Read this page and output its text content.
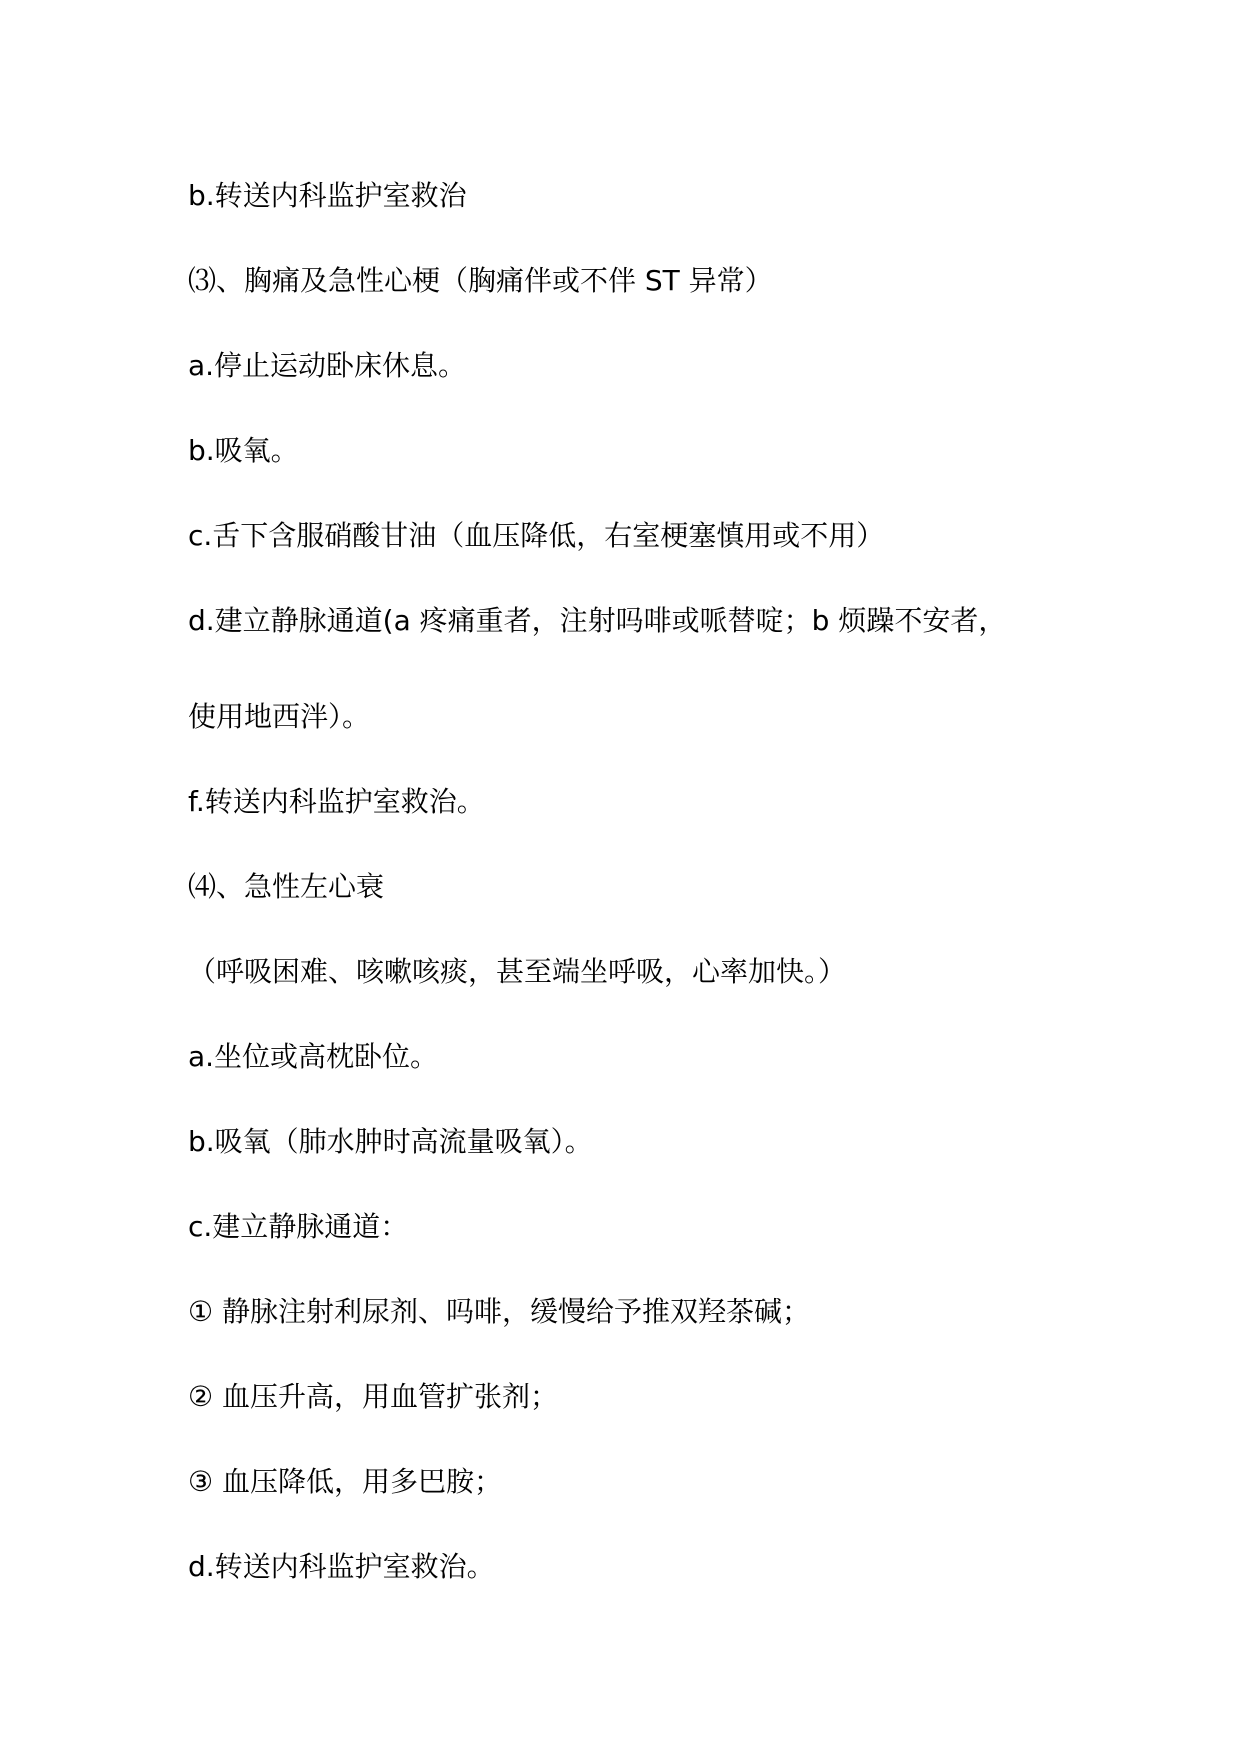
b.转送内科监护室救治
⑶、胸痛及急性心梗（胸痛伴或不伴 ST 异常）
a.停止运动卧床休息。
b.吸氧。
c.舌下含服硝酸甘油（血压降低，右室梗塞慎用或不用）
d.建立静脉通道(a 疼痛重者，注射吗啡或哌替啶；b 烦躁不安者，
使用地西泮）。
f.转送内科监护室救治。
⑷、急性左心衰
（呼吸困难、咳嗽咳痰，甚至端坐呼吸，心率加快。）
a.坐位或高枕卧位。
b.吸氧（肺水肿时高流量吸氧）。
c.建立静脉通道：
① 静脉注射利尿剂、吗啡，缓慢给予推双羟茶碱；
② 血压升高，用血管扩张剂；
③ 血压降低，用多巴胺；
d.转送内科监护室救治。
